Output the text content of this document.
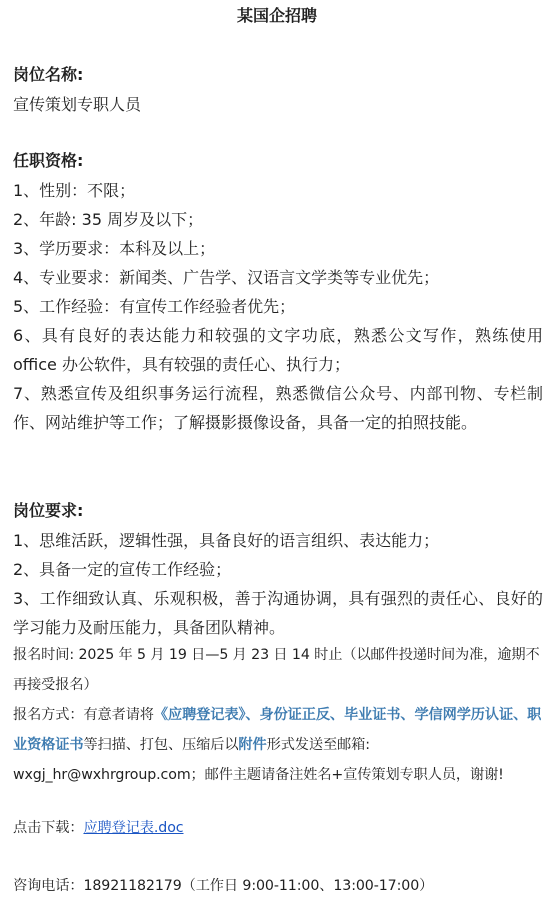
某国企招聘
岗位名称:
宣传策划专职人员
任职资格:
1、性别：不限；
2、年龄: 35 周岁及以下；
3、学历要求：本科及以上；
4、专业要求：新闻类、广告学、汉语言文学类等专业优先；
5、工作经验：有宣传工作经验者优先；
6、具有良好的表达能力和较强的文字功底，熟悉公文写作，熟练使用 office 办公软件，具有较强的责任心、执行力；
7、熟悉宣传及组织事务运行流程，熟悉微信公众号、内部刊物、专栏制作、网站维护等工作；了解摄影摄像设备，具备一定的拍照技能。
岗位要求:
1、思维活跃，逻辑性强，具备良好的语言组织、表达能力；
2、具备一定的宣传工作经验；
3、工作细致认真、乐观积极，善于沟通协调，具有强烈的责任心、良好的学习能力及耐压能力，具备团队精神。
报名时间: 2025 年 5 月 19 日—5 月 23 日 14 时止（以邮件投递时间为准，逾期不再接受报名）
报名方式：有意者请将《应聘登记表》、身份证正反、毕业证书、学信网学历认证、职业资格证书等扫描、打包、压缩后以附件形式发送至邮箱: wxgj_hr@wxhrgroup.com；邮件主题请备注姓名+宣传策划专职人员，谢谢!
点击下载：应聘登记表.doc
咨询电话：18921182179（工作日 9:00-11:00、13:00-17:00）
